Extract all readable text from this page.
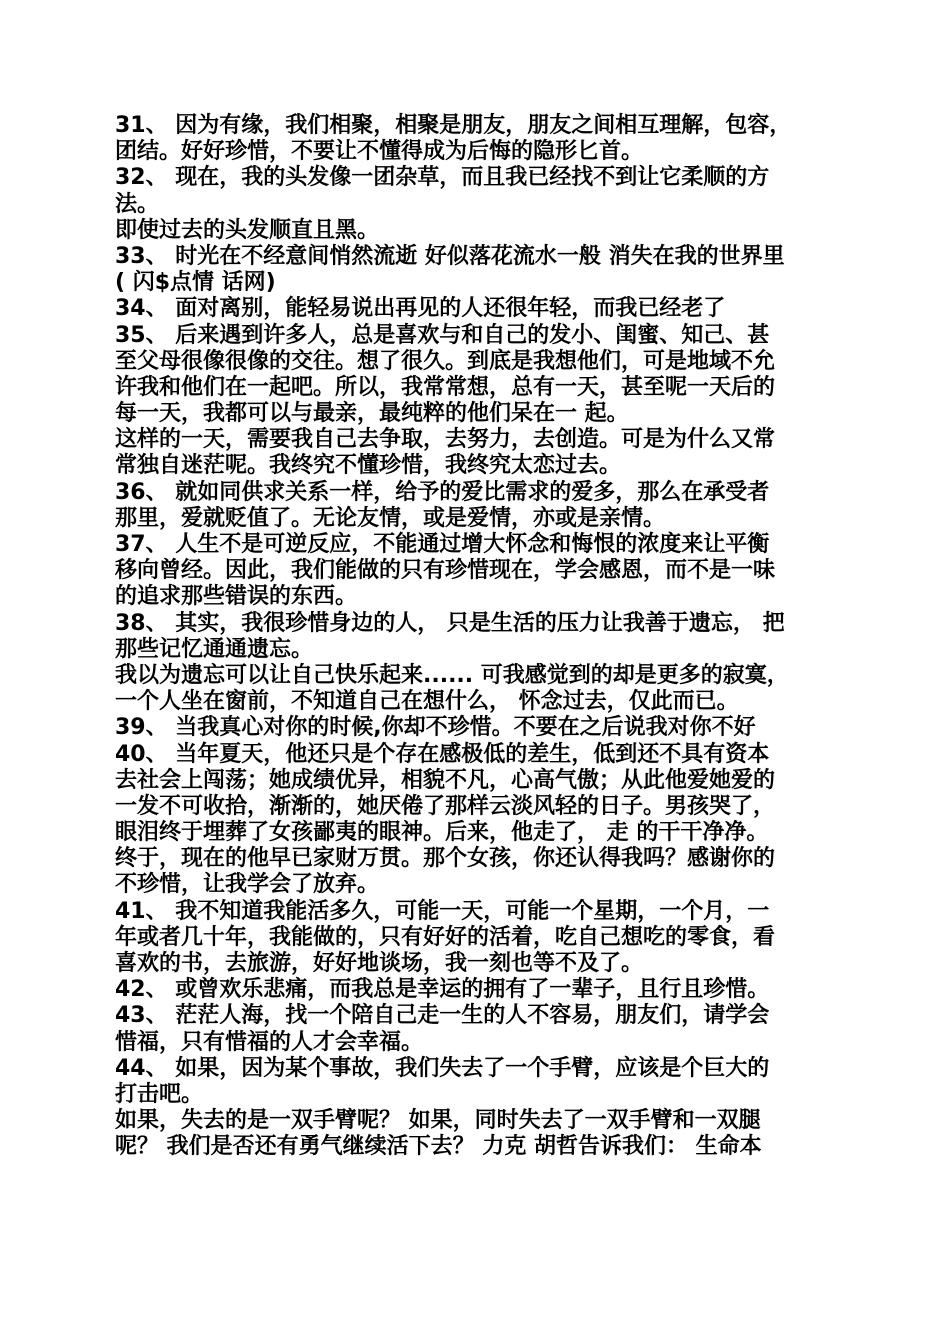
31、 因为有缘，我们相聚，相聚是朋友，朋友之间相互理解，包容，
团结。好好珍惜，不要让不懂得成为后悔的隐形匕首。
32、 现在，我的头发像一团杂草，而且我已经找不到让它柔顺的方
法。
即使过去的头发顺直且黑。
33、 时光在不经意间悄然流逝 好似落花流水一般 消失在我的世界里
( 闪$点情 话网)
34、 面对离别，能轻易说出再见的人还很年轻，而我已经老了
35、 后来遇到许多人，总是喜欢与和自己的发小、闺蜜、知己、甚
至父母很像很像的交往。想了很久。到底是我想他们，可是地域不允
许我和他们在一起吧。所以，我常常想，总有一天，甚至呢一天后的
每一天，我都可以与最亲，最纯粹的他们呆在一 起。
这样的一天，需要我自己去争取，去努力，去创造。可是为什么又常
常独自迷茫呢。我终究不懂珍惜，我终究太恋过去。
36、 就如同供求关系一样，给予的爱比需求的爱多，那么在承受者
那里，爱就贬值了。无论友情，或是爱情，亦或是亲情。
37、 人生不是可逆反应，不能通过增大怀念和悔恨的浓度来让平衡
移向曾经。因此，我们能做的只有珍惜现在，学会感恩，而不是一味
的追求那些错误的东西。
38、 其实，我很珍惜身边的人， 只是生活的压力让我善于遗忘， 把
那些记忆通通遗忘。
我以为遗忘可以让自己快乐起来...... 可我感觉到的却是更多的寂寞，
一个人坐在窗前，不知道自己在想什么， 怀念过去，仅此而已。
39、 当我真心对你的时候,你却不珍惜。不要在之后说我对你不好
40、 当年夏天，他还只是个存在感极低的差生，低到还不具有资本
去社会上闯荡；她成绩优异，相貌不凡，心高气傲；从此他爱她爱的
一发不可收拾，渐渐的，她厌倦了那样云淡风轻的日子。男孩哭了，
眼泪终于埋葬了女孩鄙夷的眼神。后来，他走了， 走 的干干净净。
终于，现在的他早已家财万贯。那个女孩，你还认得我吗？感谢你的
不珍惜，让我学会了放弃。
41、 我不知道我能活多久，可能一天，可能一个星期，一个月，一
年或者几十年，我能做的，只有好好的活着，吃自己想吃的零食，看
喜欢的书，去旅游，好好地谈场，我一刻也等不及了。
42、 或曾欢乐悲痛，而我总是幸运的拥有了一辈子，且行且珍惜。
43、 茫茫人海，找一个陪自己走一生的人不容易，朋友们，请学会
惜福，只有惜福的人才会幸福。
44、 如果，因为某个事故，我们失去了一个手臂，应该是个巨大的
打击吧。
如果，失去的是一双手臂呢？ 如果，同时失去了一双手臂和一双腿
呢？ 我们是否还有勇气继续活下去？ 力克 胡哲告诉我们： 生命本
